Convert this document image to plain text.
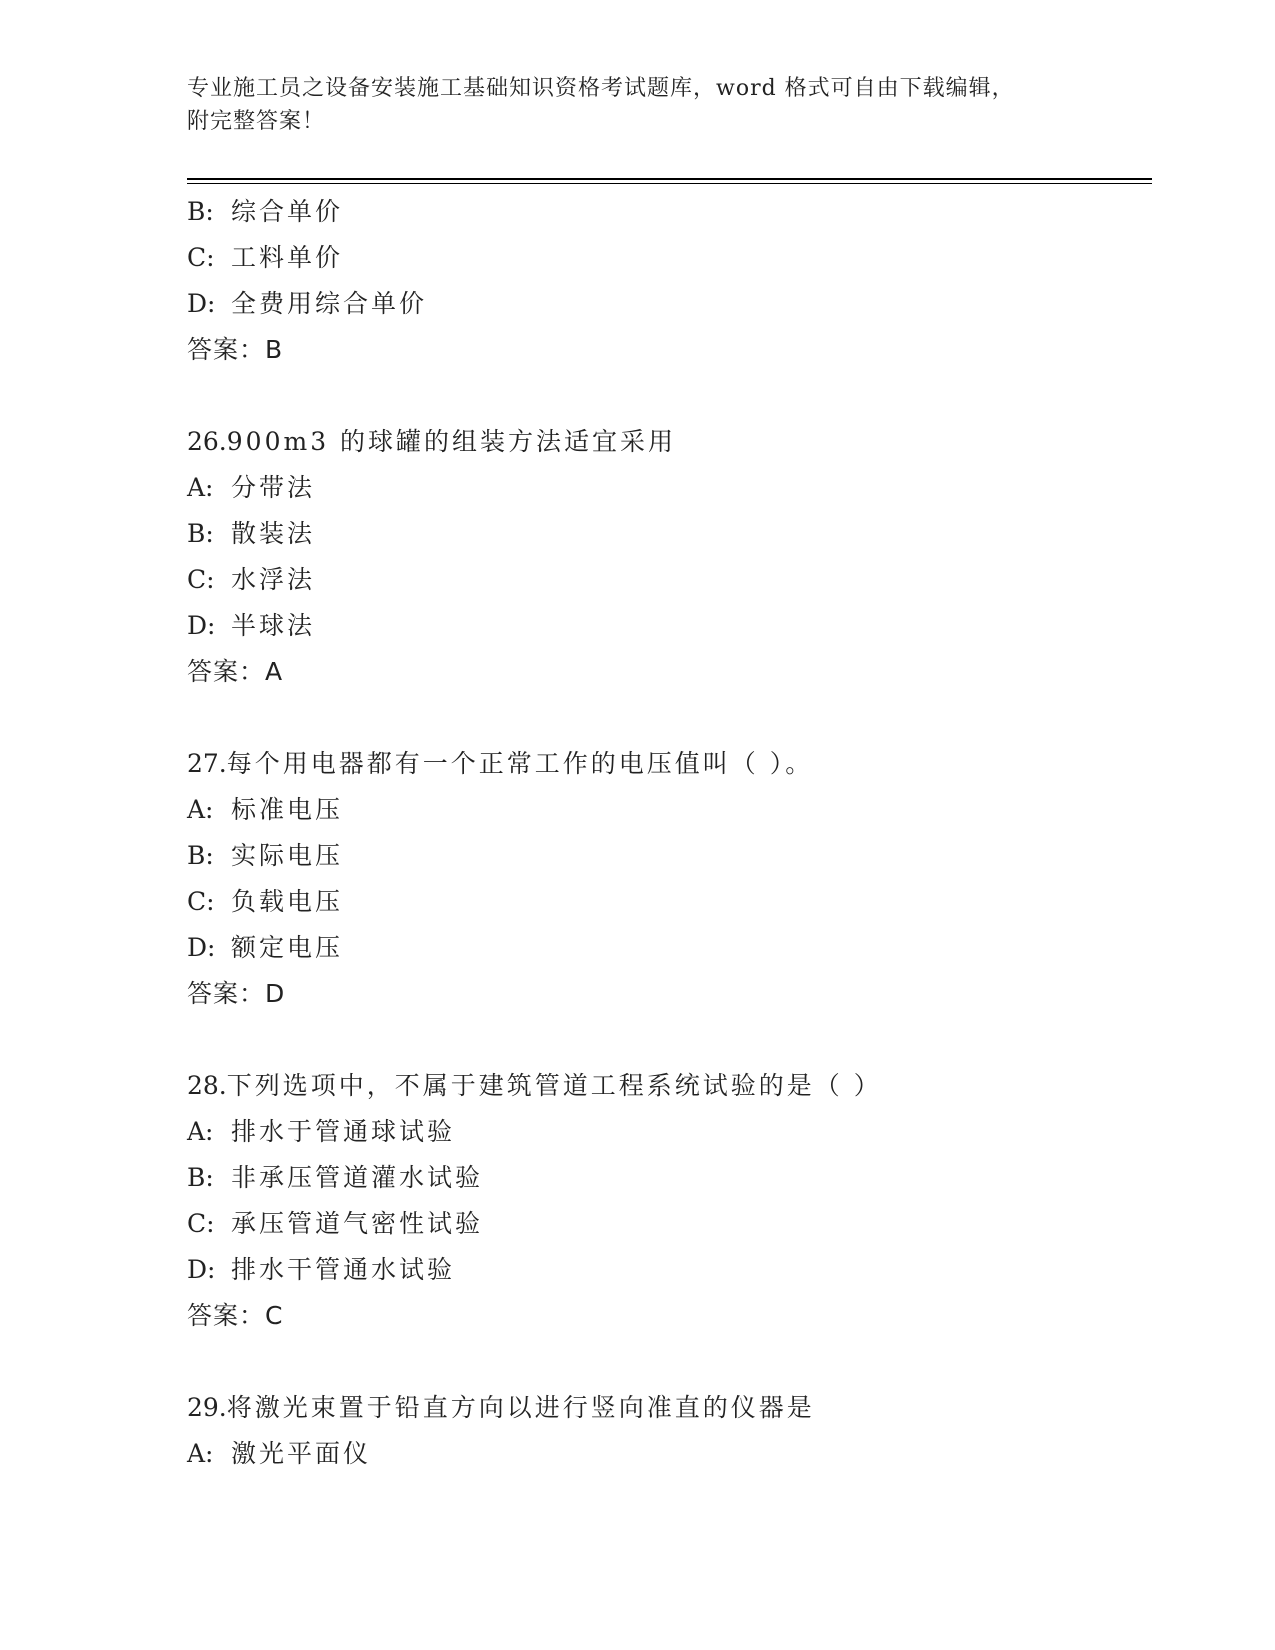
专业施工员之设备安装施工基础知识资格考试题库，word 格式可自由下载编辑，
附完整答案！
B: 综合单价
C: 工料单价
D: 全费用综合单价
答案：B
26.900m3 的球罐的组装方法适宜采用
A: 分带法
B: 散装法
C: 水浮法
D: 半球法
答案：A
27.每个用电器都有一个正常工作的电压值叫（ ）。
A: 标准电压
B: 实际电压
C: 负载电压
D: 额定电压
答案：D
28.下列选项中，不属于建筑管道工程系统试验的是（ ）
A: 排水于管通球试验
B: 非承压管道灌水试验
C: 承压管道气密性试验
D: 排水干管通水试验
答案：C
29.将激光束置于铅直方向以进行竖向准直的仪器是
A: 激光平面仪
